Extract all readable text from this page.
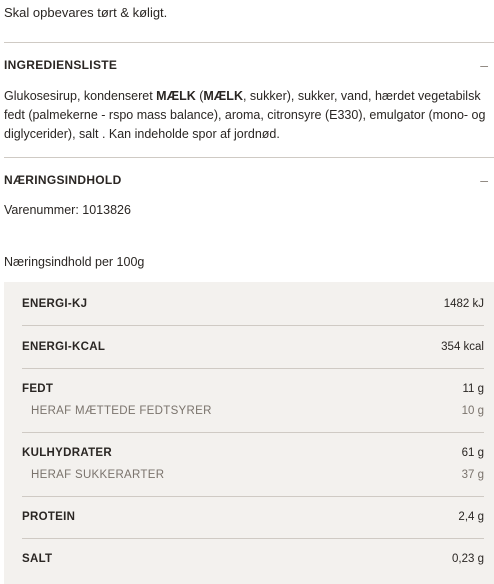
Skal opbevares tørt & køligt.
INGREDIENSLISTE	–
Glukosesirup, kondenseret MÆLK (MÆLK, sukker), sukker, vand, hærdet vegetabilsk fedt (palmekerne - rspo mass balance), aroma, citronsyre (E330), emulgator (mono- og diglycerider), salt . Kan indeholde spor af jordnød.
NÆRINGSINDHOLD	–
Varenummer: 1013826
Næringsindhold per 100g
ENERGI-KJ	1482 kJ
ENERGI-KCAL	354 kcal
FEDT	11 g
HERAF MÆTTEDE FEDTSYRER	10 g
KULHYDRATER	61 g
HERAF SUKKERARTER	37 g
PROTEIN	2,4 g
SALT	0,23 g
